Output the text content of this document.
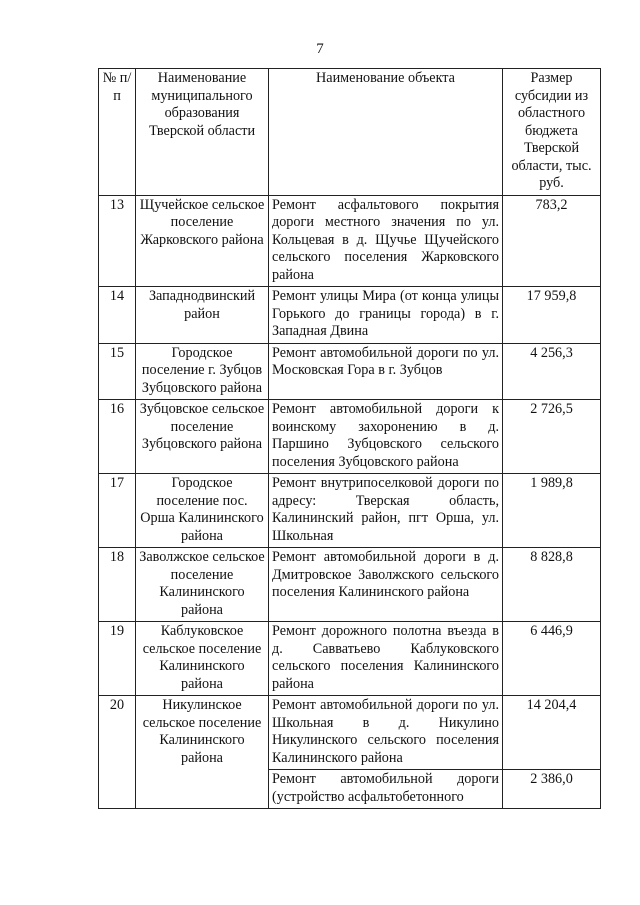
7
№ п/п	Наименование муниципального образования Тверской области	Наименование объекта	Размер субсидии из областного бюджета Тверской области, тыс. руб.
13	Щучейское сельское поселение Жарковского района	Ремонт асфальтового покрытия дороги местного значения по ул. Кольцевая в д. Щучье Щучейского сельского поселения Жарковского района	783,2
14	Западнодвинский район	Ремонт улицы Мира (от конца улицы Горького до границы города) в г. Западная Двина	17 959,8
15	Городское поселение г. Зубцов Зубцовского района	Ремонт автомобильной дороги по ул. Московская Гора в г. Зубцов	4 256,3
16	Зубцовское сельское поселение Зубцовского района	Ремонт автомобильной дороги к воинскому захоронению в д. Паршино Зубцовского сельского поселения Зубцовского района	2 726,5
17	Городское поселение пос. Орша Калининского района	Ремонт внутрипоселковой дороги по адресу: Тверская область, Калининский район, пгт Орша, ул. Школьная	1 989,8
18	Заволжское сельское поселение Калининского района	Ремонт автомобильной дороги в д. Дмитровское Заволжского сельского поселения Калининского района	8 828,8
19	Каблуковское сельское поселение Калининского района	Ремонт дорожного полотна въезда в д. Савватьево Каблуковского сельского поселения Калининского района	6 446,9
20	Никулинское сельское поселение Калининского района	Ремонт автомобильной дороги по ул. Школьная в д. Никулино Никулинского сельского поселения Калининского района	14 204,4
		Ремонт автомобильной дороги (устройство асфальтобетонного	2 386,0
